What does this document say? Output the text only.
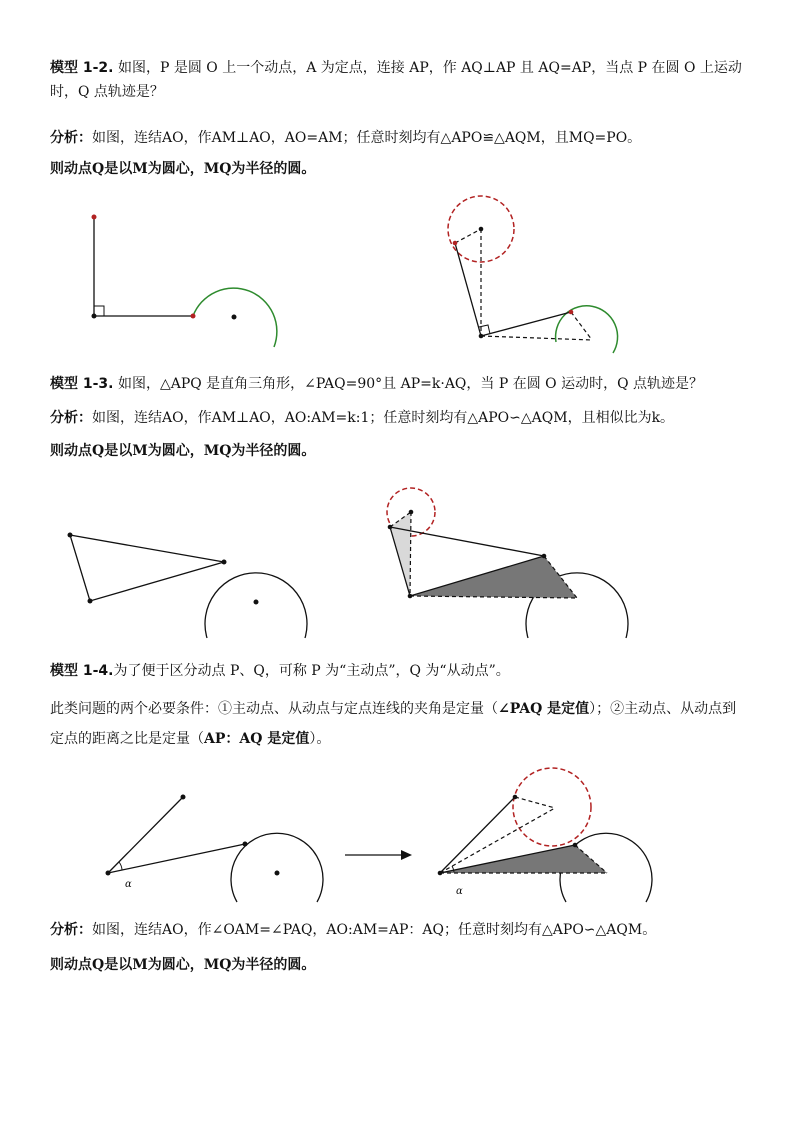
模型 1-2. 如图，P 是圆 O 上一个动点，A 为定点，连接 AP，作 AQ⊥AP 且 AQ=AP，当点 P 在圆 O 上运动时，Q 点轨迹是？
分析：如图，连结AO，作AM⊥AO，AO=AM；任意时刻均有△APO≌△AQM，且MQ=PO。
则动点Q是以M为圆心，MQ为半径的圆。
模型 1-3. 如图，△APQ 是直角三角形，∠PAQ=90°且 AP=k·AQ，当 P 在圆 O 运动时，Q 点轨迹是？
分析：如图，连结AO，作AM⊥AO，AO:AM=k:1；任意时刻均有△APO∽△AQM，且相似比为k。
则动点Q是以M为圆心，MQ为半径的圆。
模型 1-4.为了便于区分动点 P、Q，可称 P 为“主动点”，Q 为“从动点”。
此类问题的两个必要条件：①主动点、从动点与定点连线的夹角是定量（∠PAQ 是定值）；②主动点、从动点到定点的距离之比是定量（AP：AQ 是定值）。
α
α
分析：如图，连结AO，作∠OAM=∠PAQ，AO:AM=AP：AQ；任意时刻均有△APO∽△AQM。
则动点Q是以M为圆心，MQ为半径的圆。
